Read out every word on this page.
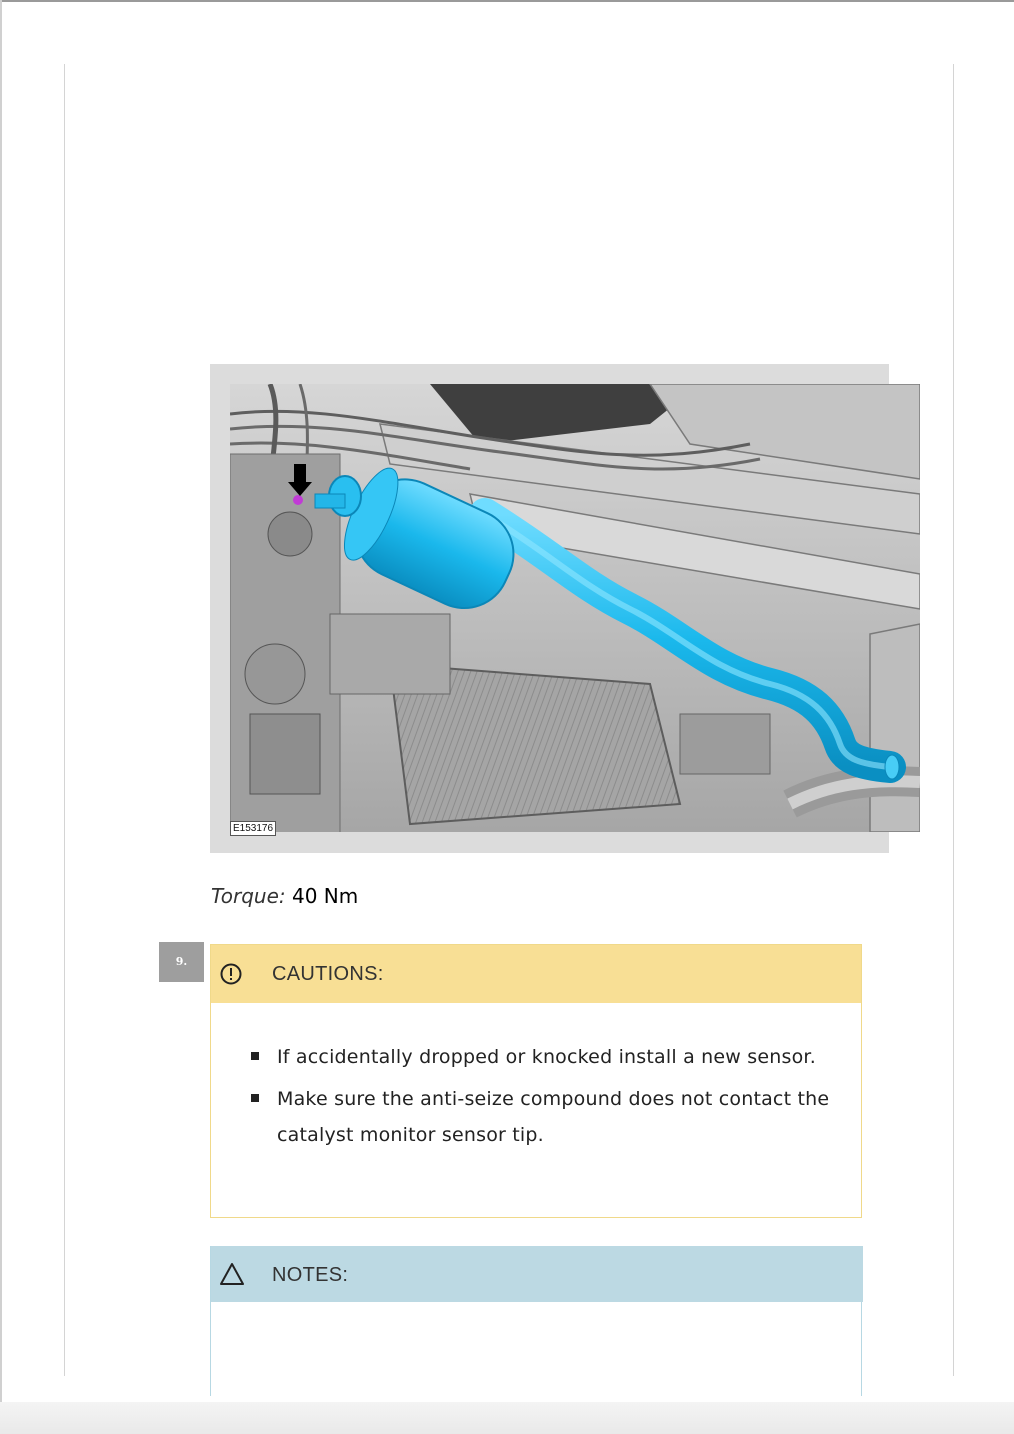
E153176
Torque: 40 Nm
9.
CAUTIONS:
If accidentally dropped or knocked install a new sensor.
Make sure the anti-seize compound does not contact the catalyst monitor sensor tip.
NOTES:
